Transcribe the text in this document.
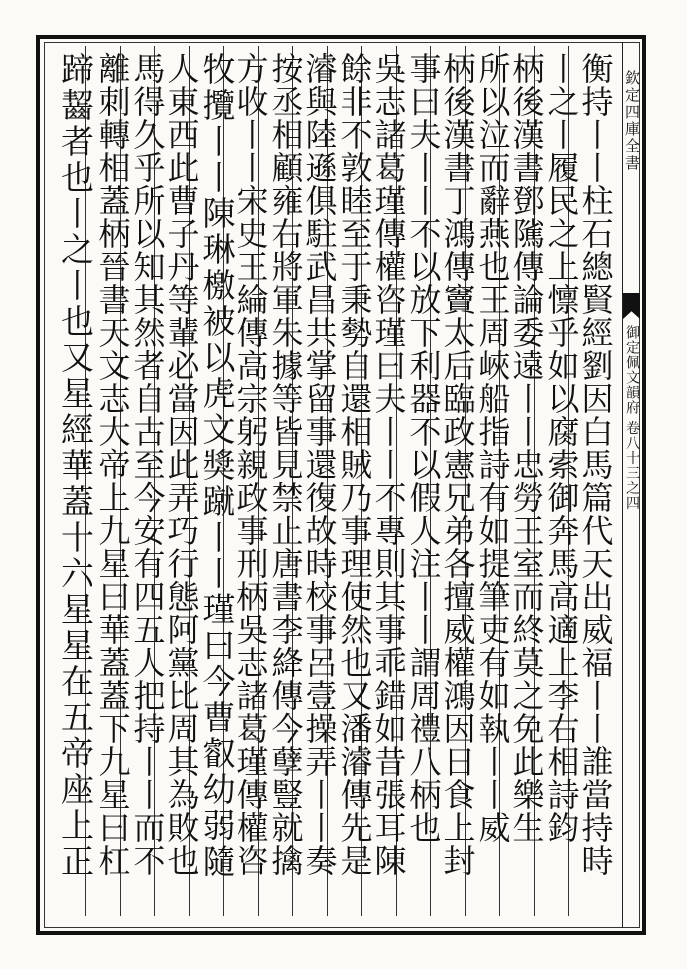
欽定四庫全書
御定佩文韻府 卷八十三之四
衡持丨丨柱石總賢經劉因白馬篇代天出威福丨丨誰當持時
丨之丨履民之上懔乎如以腐索御奔馬高適上李右相詩鈞
柄後漢書鄧隲傳論委遠丨丨忠勞王室而終莫之免此樂生
所以泣而辭燕也王周峽船指詩有如提筆吏有如執丨丨威
柄後漢書丁鴻傳竇太后臨政憲兄弟各擅威權鴻因日食上封
事曰夫丨丨不以放下利器不以假人注丨丨謂周禮八柄也
吳志諸葛瑾傳權咨瑾曰夫丨丨不專則其事乖錯如昔張耳陳
餘非不敦睦至于秉勢自還相賊乃事理使然也又潘濬傳先是
濬與陸遜俱駐武昌共掌留事還復故時校事呂壹操弄丨丨奏
按丞相顧雍右將軍朱據等皆見禁止唐書李絳傳今孽豎就擒
方收丨丨宋史王綸傳高宗躬親政事刑柄吳志諸葛瑾傳權咨
牧攬丨丨陳琳檄被以虎文獎蹴丨丨瑾曰今曹叡幼弱隨
人東西此曹子丹等輩必當因此弄巧行態阿黨比周其為敗也
馬得久乎所以知其然者自古至今安有四五人把持丨丨而不
離刺轉相蓋柄晉書天文志大帝上九星曰華蓋蓋下九星曰杠
蹄齧者也丨之丨也又星經華蓋十六星星在五帝座上正
